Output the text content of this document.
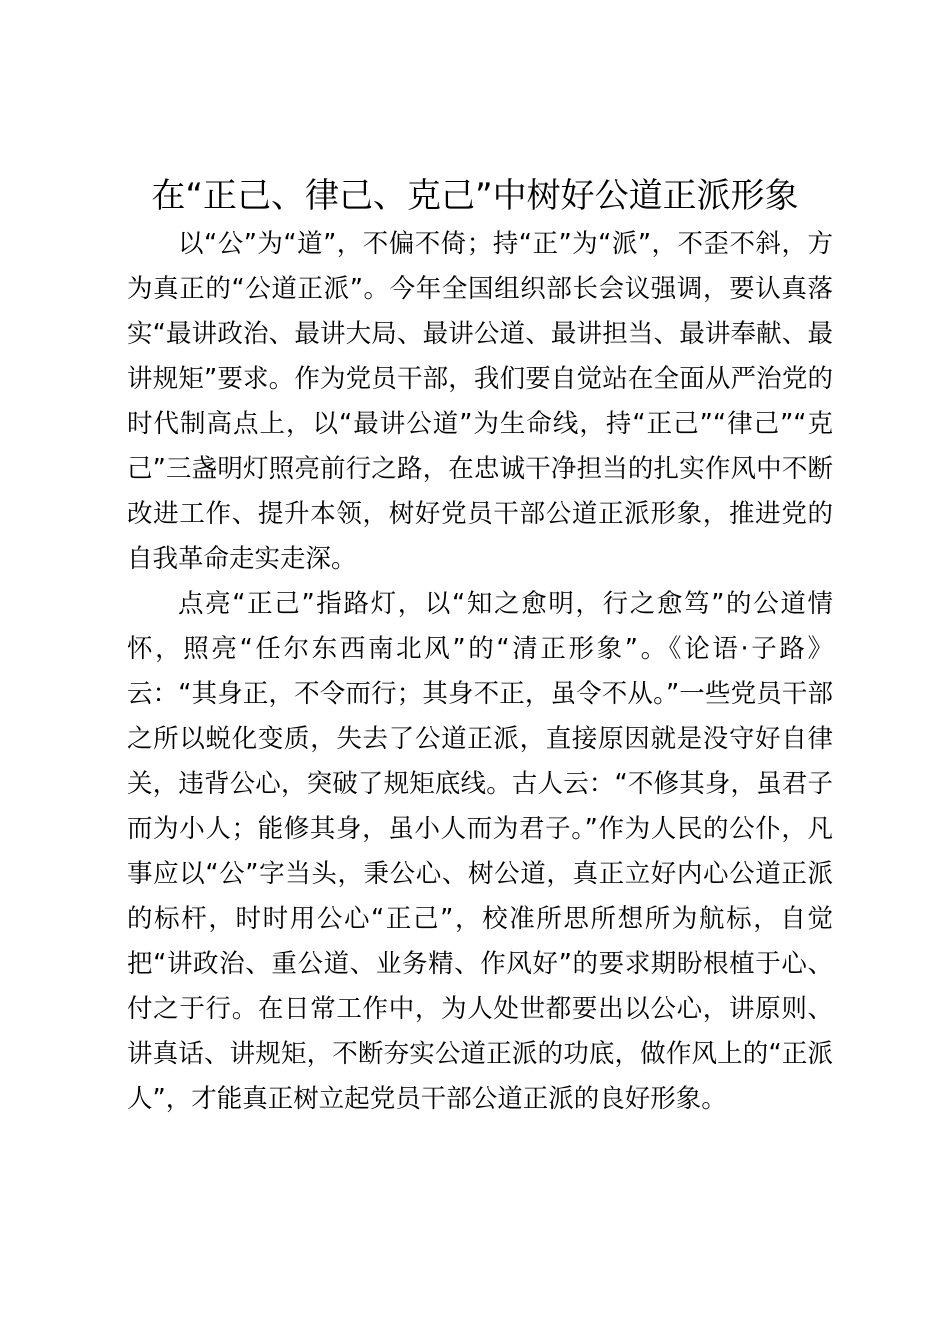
在“正己、律己、克己”中树好公道正派形象

以“公”为“道”，不偏不倚；持“正”为“派”，不歪不斜，方为真正的“公道正派”。今年全国组织部长会议强调，要认真落实“最讲政治、最讲大局、最讲公道、最讲担当、最讲奉献、最讲规矩”要求。作为党员干部，我们要自觉站在全面从严治党的时代制高点上，以“最讲公道”为生命线，持“正己”“律己”“克己”三盏明灯照亮前行之路，在忠诚干净担当的扎实作风中不断改进工作、提升本领，树好党员干部公道正派形象，推进党的自我革命走实走深。

点亮“正己”指路灯，以“知之愈明，行之愈笃”的公道情怀，照亮“任尔东西南北风”的“清正形象”。《论语·子路》云：“其身正，不令而行；其身不正，虽令不从。”一些党员干部之所以蜕化变质，失去了公道正派，直接原因就是没守好自律关，违背公心，突破了规矩底线。古人云：“不修其身，虽君子而为小人；能修其身，虽小人而为君子。”作为人民的公仆，凡事应以“公”字当头，秉公心、树公道，真正立好内心公道正派的标杆，时时用公心“正己”，校准所思所想所为航标，自觉把“讲政治、重公道、业务精、作风好”的要求期盼根植于心、付之于行。在日常工作中，为人处世都要出以公心，讲原则、讲真话、讲规矩，不断夯实公道正派的功底，做作风上的“正派人”，才能真正树立起党员干部公道正派的良好形象。
